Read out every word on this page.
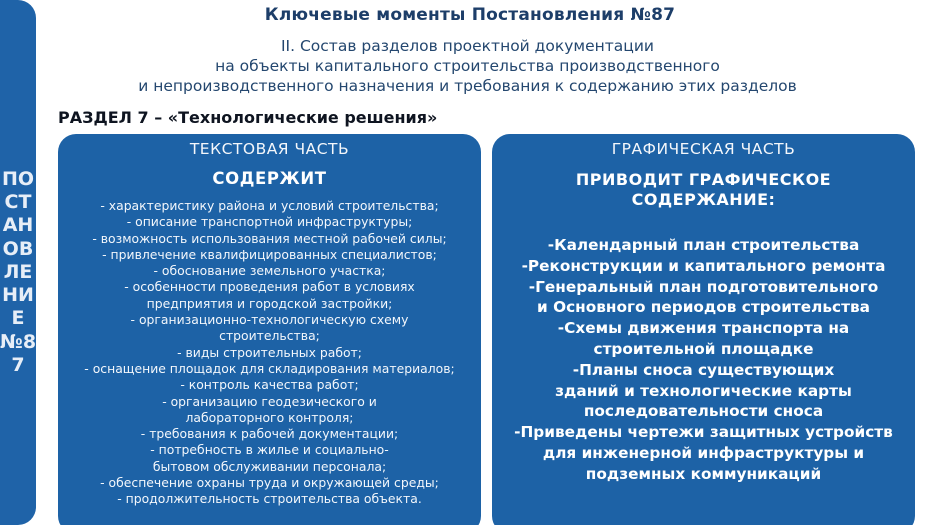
ПОСТАНОВЛЕНИЕ№87
Ключевые моменты Постановления №87
II. Состав разделов проектной документации
на объекты капитального строительства производственного
и непроизводственного назначения и требования к содержанию этих разделов
РАЗДЕЛ 7 – «Технологические решения»
ТЕКСТОВАЯ ЧАСТЬ
СОДЕРЖИТ
- характеристику района и условий строительства;
- описание транспортной инфраструктуры;
- возможность использования местной рабочей силы;
- привлечение квалифицированных специалистов;
- обоснование земельного участка;
- особенности проведения работ в условиях предприятия и городской застройки;
- организационно-технологическую схему строительства;
- виды строительных работ;
- оснащение площадок для складирования материалов;
- контроль качества работ;
- организацию геодезического и лабораторного контроля;
- требования к рабочей документации;
- потребность в жилье и социально-бытовом обслуживании персонала;
- обеспечение охраны труда и окружающей среды;
- продолжительность строительства объекта.
ГРАФИЧЕСКАЯ ЧАСТЬ
ПРИВОДИТ ГРАФИЧЕСКОЕ СОДЕРЖАНИЕ:
-Календарный план строительства
-Реконструкции и капитального ремонта
-Генеральный план подготовительного и Основного периодов строительства
-Схемы движения транспорта на строительной площадке
-Планы сноса существующих зданий и технологические карты последовательности сноса
-Приведены чертежи защитных устройств для инженерной инфраструктуры и подземных коммуникаций
